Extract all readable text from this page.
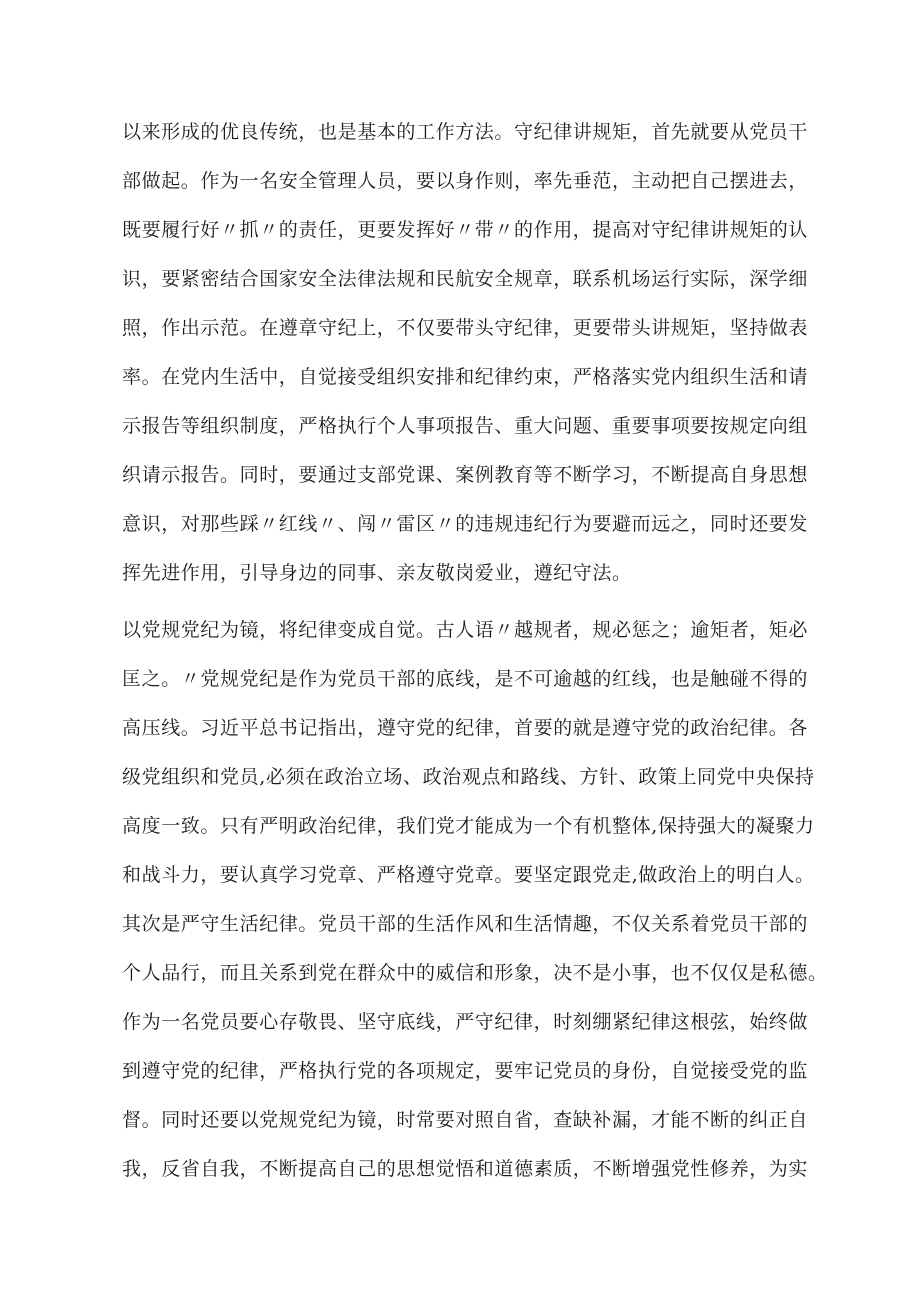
以来形成的优良传统，也是基本的工作方法。守纪律讲规矩，首先就要从党员干
部做起。作为一名安全管理人员，要以身作则，率先垂范，主动把自己摆进去，
既要履行好〃抓〃的责任，更要发挥好〃带〃的作用，提高对守纪律讲规矩的认
识，要紧密结合国家安全法律法规和民航安全规章，联系机场运行实际，深学细
照，作出示范。在遵章守纪上，不仅要带头守纪律，更要带头讲规矩，坚持做表
率。在党内生活中，自觉接受组织安排和纪律约束，严格落实党内组织生活和请
示报告等组织制度，严格执行个人事项报告、重大问题、重要事项要按规定向组
织请示报告。同时，要通过支部党课、案例教育等不断学习，不断提高自身思想
意识，对那些踩〃红线〃、闯〃雷区〃的违规违纪行为要避而远之，同时还要发
挥先进作用，引导身边的同事、亲友敬岗爱业，遵纪守法。
以党规党纪为镜，将纪律变成自觉。古人语〃越规者，规必惩之；逾矩者，矩必
匡之。〃党规党纪是作为党员干部的底线，是不可逾越的红线，也是触碰不得的
高压线。习近平总书记指出，遵守党的纪律，首要的就是遵守党的政治纪律。各
级党组织和党员,必须在政治立场、政治观点和路线、方针、政策上同党中央保持
高度一致。只有严明政治纪律，我们党才能成为一个有机整体,保持强大的凝聚力
和战斗力，要认真学习党章、严格遵守党章。要坚定跟党走,做政治上的明白人。
其次是严守生活纪律。党员干部的生活作风和生活情趣，不仅关系着党员干部的
个人品行，而且关系到党在群众中的威信和形象，决不是小事，也不仅仅是私德。
作为一名党员要心存敬畏、坚守底线，严守纪律，时刻绷紧纪律这根弦，始终做
到遵守党的纪律，严格执行党的各项规定，要牢记党员的身份，自觉接受党的监
督。同时还要以党规党纪为镜，时常要对照自省，查缺补漏，才能不断的纠正自
我，反省自我，不断提高自己的思想觉悟和道德素质，不断增强党性修养，为实
